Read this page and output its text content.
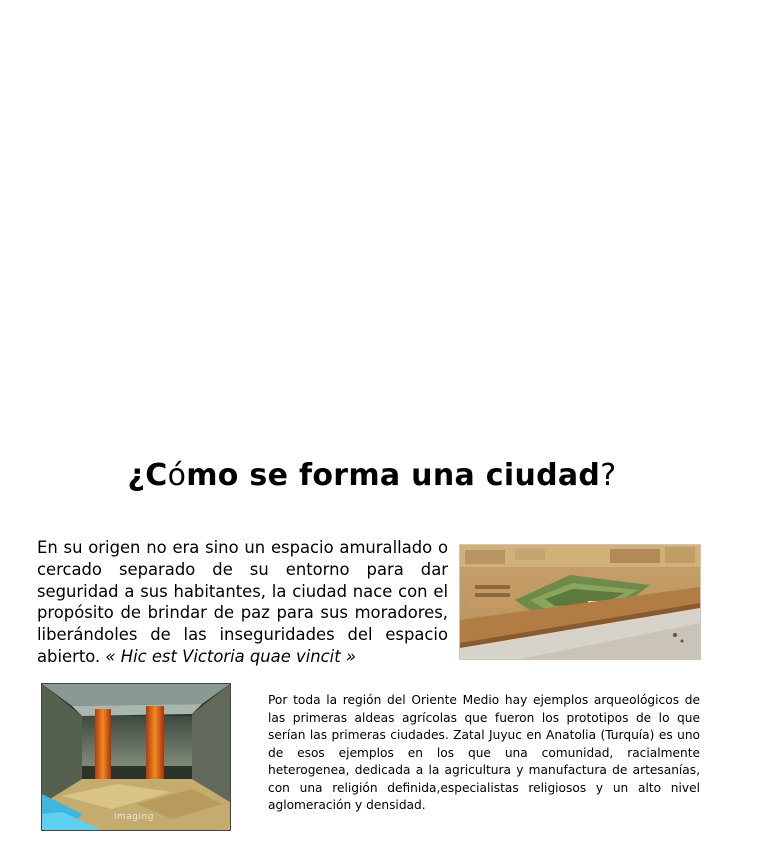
¿Cómo se forma una ciudad?

En su origen no era sino un espacio amurallado o cercado separado de su entorno para dar seguridad a sus habitantes, la ciudad nace con el propósito de brindar de paz para sus moradores, liberándoles de las inseguridades del espacio abierto. « Hic est Victoria quae vincit »

imaging

Por toda la región del Oriente Medio hay ejemplos arqueológicos de las primeras aldeas agrícolas que fueron los prototipos de lo que serían las primeras ciudades. Zatal Juyuc en Anatolia (Turquía) es uno de esos ejemplos en los que una comunidad, racialmente heterogenea, dedicada a la agricultura y manufactura de artesanías, con una religión definida,especialistas religiosos y un alto nivel aglomeración y densidad.
